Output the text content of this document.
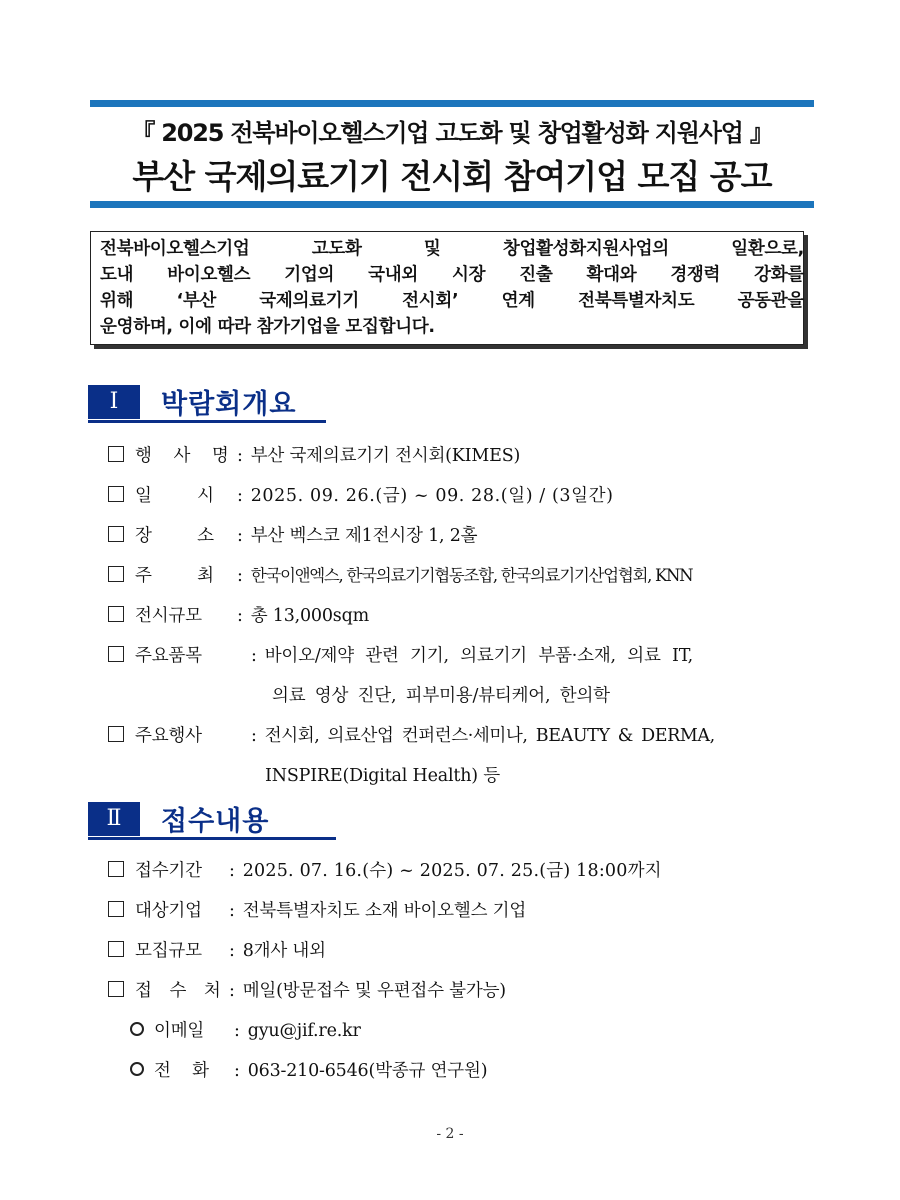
『 2025 전북바이오헬스기업 고도화 및 창업활성화 지원사업 』
부산 국제의료기기 전시회 참여기업 모집 공고
전북바이오헬스기업 고도화 및 창업활성화지원사업의 일환으로,
도내 바이오헬스 기업의 국내외 시장 진출 확대와 경쟁력 강화를
위해 ‘부산 국제의료기기 전시회’ 연계 전북특별자치도 공동관을
운영하며, 이에 따라 참가기업을 모집합니다.
Ⅰ	박람회개요
행 사 명: 부산 국제의료기기 전시회(KIMES)
일 시 : 2025. 09. 26.(금) ~ 09. 28.(일) / (3일간)
장 소 : 부산 벡스코 제1전시장 1, 2홀
주 최 : 한국이앤엑스, 한국의료기기협동조합, 한국의료기기산업협회, KNN
전시규모 : 총 13,000sqm
주요품목	: 바이오/제약 관련 기기, 의료기기 부품·소재, 의료 IT,
의료 영상 진단, 피부미용/뷰티케어, 한의학
주요행사	: 전시회, 의료산업 컨퍼런스·세미나, BEAUTY & DERMA,
INSPIRE(Digital Health) 등
Ⅱ	접수내용
접수기간 : 2025. 07. 16.(수) ~ 2025. 07. 25.(금) 18:00까지
대상기업 : 전북특별자치도 소재 바이오헬스 기업
모집규모 : 8개사 내외
접 수 처 : 메일(방문접수 및 우편접수 불가능)
이메일 : gyu@jif.re.kr
전 화 : 063-210-6546(박종규 연구원)
- 2 -
